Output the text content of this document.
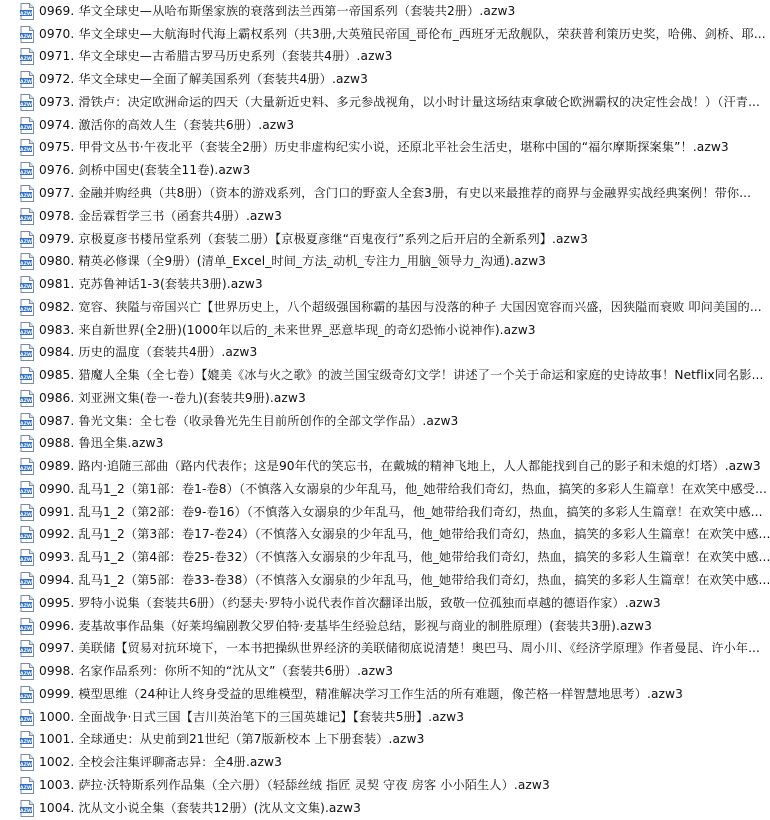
AZW 0969. 华文全球史—从哈布斯堡家族的衰落到法兰西第一帝国系列（套装共2册）.azw3
AZW 0970. 华文全球史—大航海时代海上霸权系列（共3册,大英殖民帝国_哥伦布_西班牙无敌舰队，荣获普利策历史奖，哈佛、剑桥、耶...
AZW 0971. 华文全球史—古希腊古罗马历史系列（套装共4册）.azw3
AZW 0972. 华文全球史—全面了解美国系列（套装共4册）.azw3
AZW 0973. 滑铁卢：决定欧洲命运的四天（大量新近史料、多元参战视角，以小时计量这场结束拿破仑欧洲霸权的决定性会战！）（汗青...
AZW 0974. 激活你的高效人生（套装共6册）.azw3
AZW 0975. 甲骨文丛书·午夜北平（套装全2册）历史非虚构纪实小说，还原北平社会生活史，堪称中国的“福尔摩斯探案集”！.azw3
AZW 0976. 剑桥中国史(套装全11卷).azw3
AZW 0977. 金融并购经典（共8册）（资本的游戏系列，含门口的野蛮人全套3册，有史以来最推荐的商界与金融界实战经典案例！带你...
AZW 0978. 金岳霖哲学三书（函套共4册）.azw3
AZW 0979. 京极夏彦书楼吊堂系列（套装二册）【京极夏彦继“百鬼夜行”系列之后开启的全新系列】.azw3
AZW 0980. 精英必修课（全9册）(清单_Excel_时间_方法_动机_专注力_用脑_领导力_沟通).azw3
AZW 0981. 克苏鲁神话1-3(套装共3册).azw3
AZW 0982. 宽容、狭隘与帝国兴亡【世界历史上，八个超级强国称霸的基因与没落的种子 大国因宽容而兴盛，因狭隘而衰败 叩问美国的...
AZW 0983. 来自新世界(全2册)(1000年以后的_未来世界_恶意毕现_的奇幻恐怖小说神作).azw3
AZW 0984. 历史的温度（套装共4册）.azw3
AZW 0985. 猎魔人全集（全七卷）【媲美《冰与火之歌》的波兰国宝级奇幻文学！讲述了一个关于命运和家庭的史诗故事！Netflix同名影...
AZW 0986. 刘亚洲文集(卷一-卷九)(套装共9册).azw3
AZW 0987. 鲁光文集：全七卷（收录鲁光先生目前所创作的全部文学作品）.azw3
AZW 0988. 鲁迅全集.azw3
AZW 0989. 路内·追随三部曲（路内代表作；这是90年代的笑忘书，在戴城的精神飞地上，人人都能找到自己的影子和未熄的灯塔）.azw3
AZW 0990. 乱马1_2（第1部：卷1-卷8）（不慎落入女溺泉的少年乱马，他_她带给我们奇幻，热血，搞笑的多彩人生篇章！在欢笑中感受...
AZW 0991. 乱马1_2（第2部：卷9-卷16）（不慎落入女溺泉的少年乱马，他_她带给我们奇幻，热血，搞笑的多彩人生篇章！在欢笑中感...
AZW 0992. 乱马1_2（第3部：卷17-卷24）（不慎落入女溺泉的少年乱马，他_她带给我们奇幻，热血，搞笑的多彩人生篇章！在欢笑中感...
AZW 0993. 乱马1_2（第4部：卷25-卷32）（不慎落入女溺泉的少年乱马，他_她带给我们奇幻，热血，搞笑的多彩人生篇章！在欢笑中感...
AZW 0994. 乱马1_2（第5部：卷33-卷38）（不慎落入女溺泉的少年乱马，他_她带给我们奇幻，热血，搞笑的多彩人生篇章！在欢笑中感...
AZW 0995. 罗特小说集（套装共6册）（约瑟夫·罗特小说代表作首次翻译出版，致敬一位孤独而卓越的德语作家）.azw3
AZW 0996. 麦基故事作品集（好莱坞编剧教父罗伯特·麦基毕生经验总结，影视与商业的制胜原理）(套装共3册).azw3
AZW 0997. 美联储【贸易对抗环境下，一本书把操纵世界经济的美联储彻底说清楚！奥巴马、周小川、《经济学原理》作者曼昆、许小年...
AZW 0998. 名家作品系列：你所不知的“沈从文”（套装共6册）.azw3
AZW 0999. 模型思维（24种让人终身受益的思维模型，精准解决学习工作生活的所有难题，像芒格一样智慧地思考）.azw3
AZW 1000. 全面战争·日式三国【吉川英治笔下的三国英雄记】【套装共5册】.azw3
AZW 1001. 全球通史：从史前到21世纪（第7版新校本 上下册套装）.azw3
AZW 1002. 全校会注集评聊斋志异：全4册.azw3
AZW 1003. 萨拉·沃特斯系列作品集（全六册）（轻舔丝绒 指匠 灵契 守夜 房客 小小陌生人）.azw3
AZW 1004. 沈从文小说全集（套装共12册）(沈从文文集).azw3
